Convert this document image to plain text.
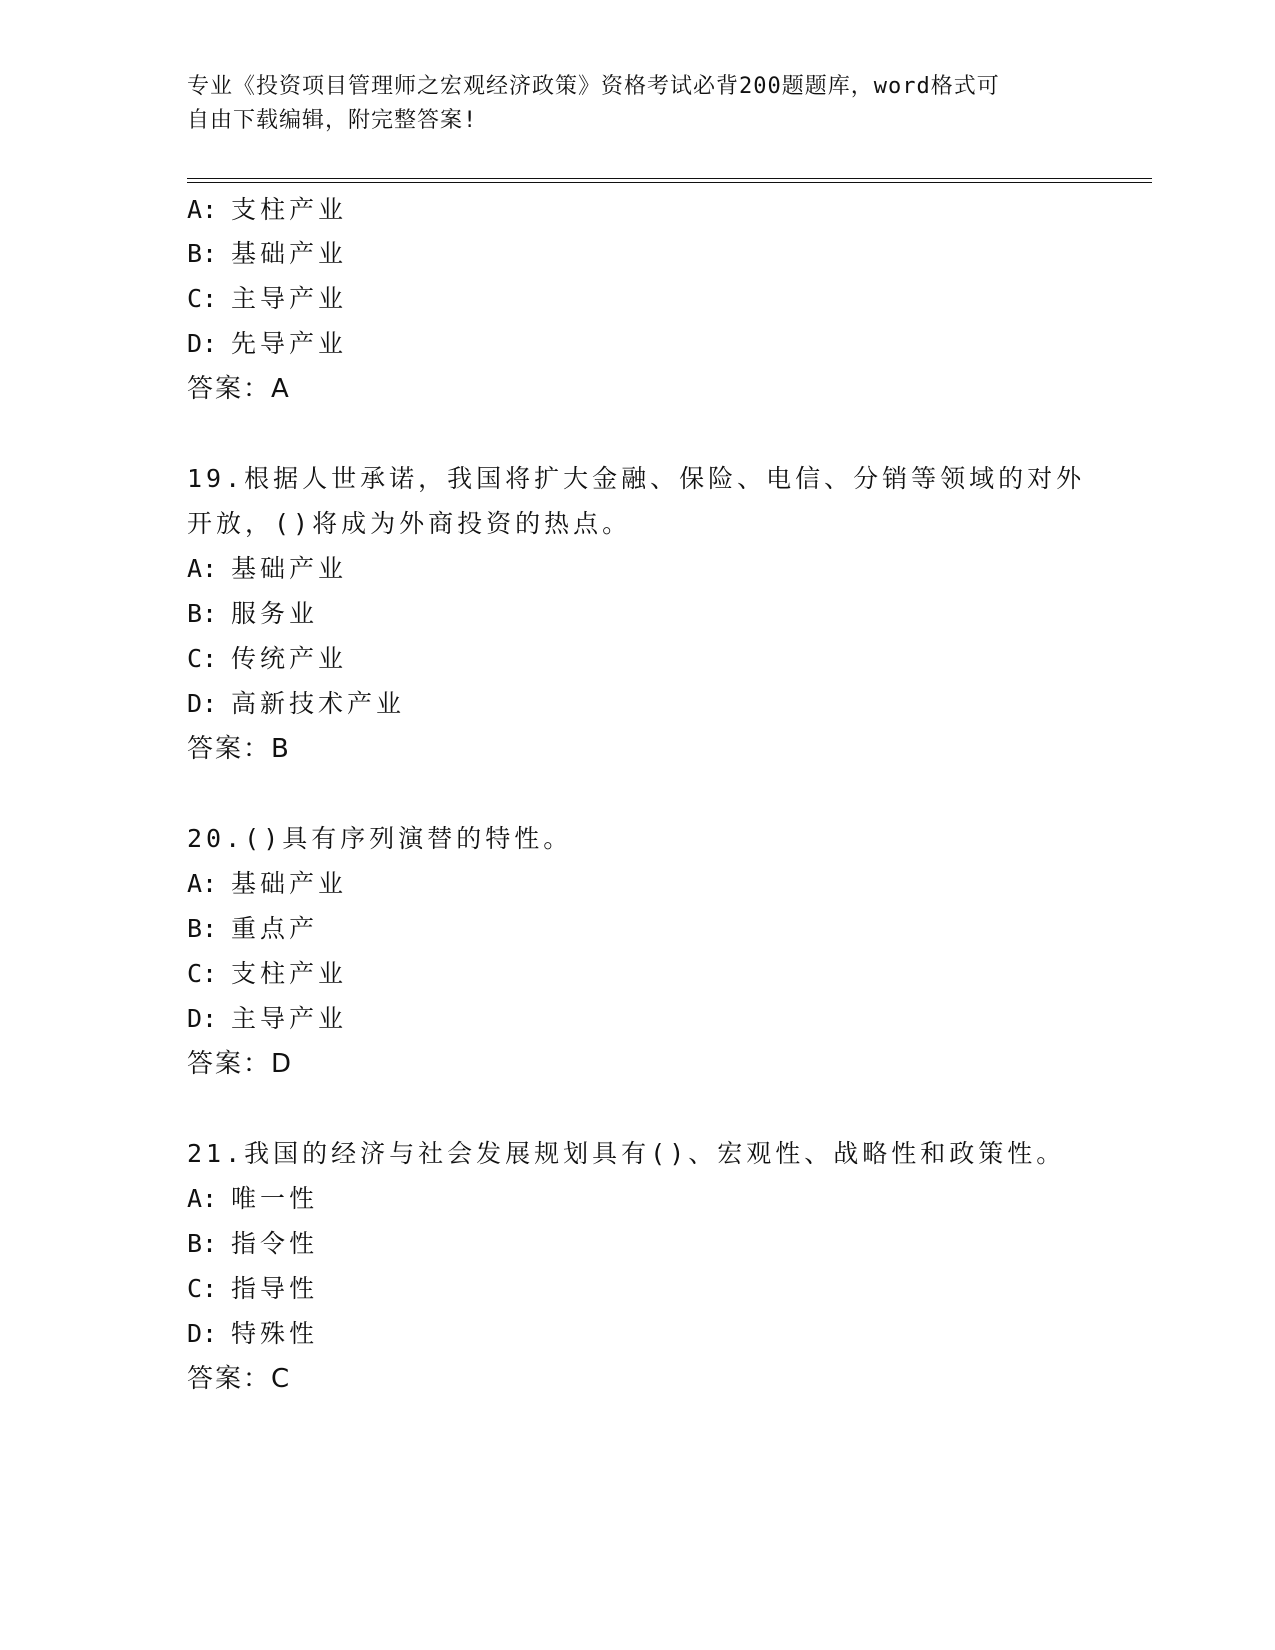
专业《投资项目管理师之宏观经济政策》资格考试必背200题题库，word格式可
自由下载编辑，附完整答案!
A: 支柱产业
B: 基础产业
C: 主导产业
D: 先导产业
答案：A
19.根据人世承诺，我国将扩大金融、保险、电信、分销等领域的对外
开放，()将成为外商投资的热点。
A: 基础产业
B: 服务业
C: 传统产业
D: 高新技术产业
答案：B
20.()具有序列演替的特性。
A: 基础产业
B: 重点产
C: 支柱产业
D: 主导产业
答案：D
21.我国的经济与社会发展规划具有()、宏观性、战略性和政策性。
A: 唯一性
B: 指令性
C: 指导性
D: 特殊性
答案：C
